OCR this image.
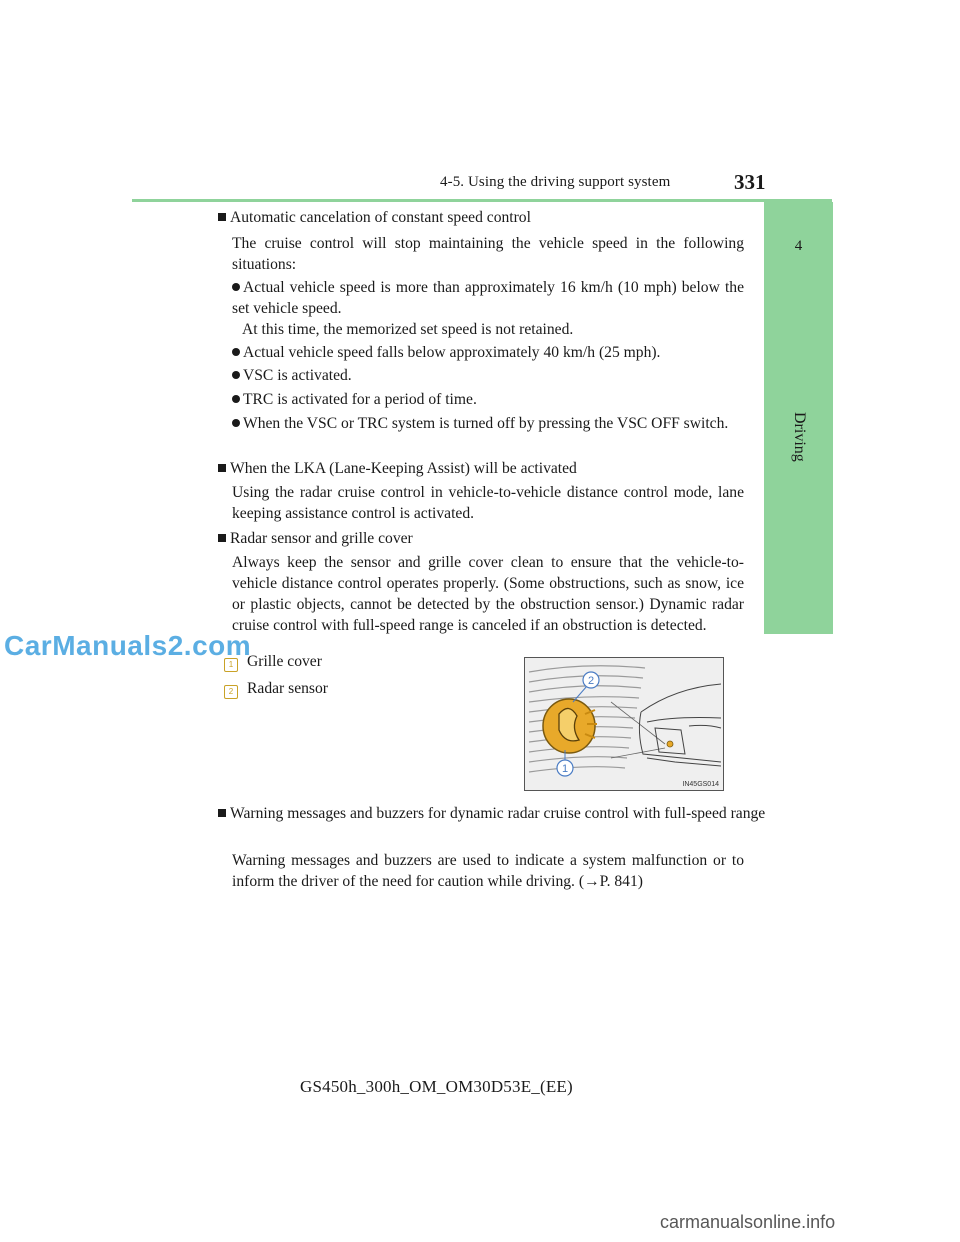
4-5. Using the driving support system	331
4
Driving
Automatic cancelation of constant speed control
The cruise control will stop maintaining the vehicle speed in the following situations:
Actual vehicle speed is more than approximately 16 km/h (10 mph) below the set vehicle speed.
At this time, the memorized set speed is not retained.
Actual vehicle speed falls below approximately 40 km/h (25 mph).
VSC is activated.
TRC is activated for a period of time.
When the VSC or TRC system is turned off by pressing the VSC OFF switch.
When the LKA (Lane-Keeping Assist) will be activated
Using the radar cruise control in vehicle-to-vehicle distance control mode, lane keeping assistance control is activated.
Radar sensor and grille cover
Always keep the sensor and grille cover clean to ensure that the vehicle-to-vehicle distance control operates properly. (Some obstructions, such as snow, ice or plastic objects, cannot be detected by the obstruction sensor.) Dynamic radar cruise control with full-speed range is canceled if an obstruction is detected.
1 Grille cover
2 Radar sensor	2
1
IN45GS014
CarManuals2.com
Warning messages and buzzers for dynamic radar cruise control with full-speed range
Warning messages and buzzers are used to indicate a system malfunction or to inform the driver of the need for caution while driving. (→P. 841)
GS450h_300h_OM_OM30D53E_(EE)
carmanualsonline.info
